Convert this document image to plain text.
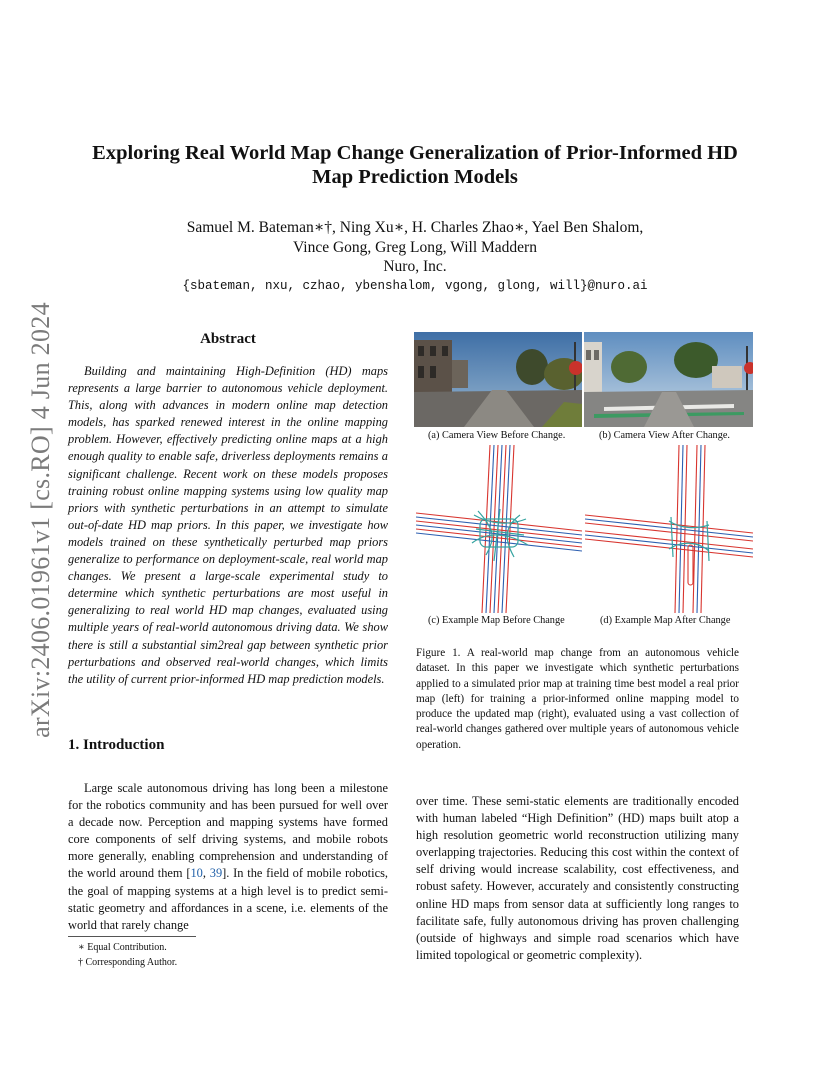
arXiv:2406.01961v1 [cs.RO] 4 Jun 2024
Exploring Real World Map Change Generalization of Prior-Informed HD Map Prediction Models
Samuel M. Bateman∗†, Ning Xu∗, H. Charles Zhao∗, Yael Ben Shalom,
Vince Gong, Greg Long, Will Maddern
Nuro, Inc.
{sbateman, nxu, czhao, ybenshalom, vgong, glong, will}@nuro.ai
Abstract
Building and maintaining High-Definition (HD) maps represents a large barrier to autonomous vehicle deployment. This, along with advances in modern online map detection models, has sparked renewed interest in the online mapping problem. However, effectively predicting online maps at a high enough quality to enable safe, driverless deployments remains a significant challenge. Recent work on these models proposes training robust online mapping systems using low quality map priors with synthetic perturbations in an attempt to simulate out-of-date HD map priors. In this paper, we investigate how models trained on these synthetically perturbed map priors generalize to performance on deployment-scale, real world map changes. We present a large-scale experimental study to determine which synthetic perturbations are most useful in generalizing to real world HD map changes, evaluated using multiple years of real-world autonomous driving data. We show there is still a substantial sim2real gap between synthetic prior perturbations and observed real-world changes, which limits the utility of current prior-informed HD map prediction models.
1. Introduction
Large scale autonomous driving has long been a milestone for the robotics community and has been pursued for well over a decade now. Perception and mapping systems have formed core components of self driving systems, and mobile robots more generally, enabling comprehension and understanding of the world around them [10, 39]. In the field of mobile robotics, the goal of mapping systems at a high level is to predict semi-static geometry and affordances in a scene, i.e. elements of the world that rarely change
∗ Equal Contribution.
† Corresponding Author.
(a) Camera View Before Change.	(b) Camera View After Change.
(c) Example Map Before Change	(d) Example Map After Change
Figure 1. A real-world map change from an autonomous vehicle dataset. In this paper we investigate which synthetic perturbations applied to a simulated prior map at training time best model a real prior map (left) for training a prior-informed online mapping model to produce the updated map (right), evaluated using a vast collection of real-world changes gathered over multiple years of autonomous vehicle operation.
over time. These semi-static elements are traditionally encoded with human labeled “High Definition” (HD) maps built atop a high resolution geometric world reconstruction utilizing many overlapping trajectories. Reducing this cost within the context of self driving would increase scalability, cost effectiveness, and robust safety. However, accurately and consistently constructing online HD maps from sensor data at sufficiently long ranges to facilitate safe, fully autonomous driving has proven challenging (outside of highways and simple road scenarios which have limited topological or geometric complexity).
